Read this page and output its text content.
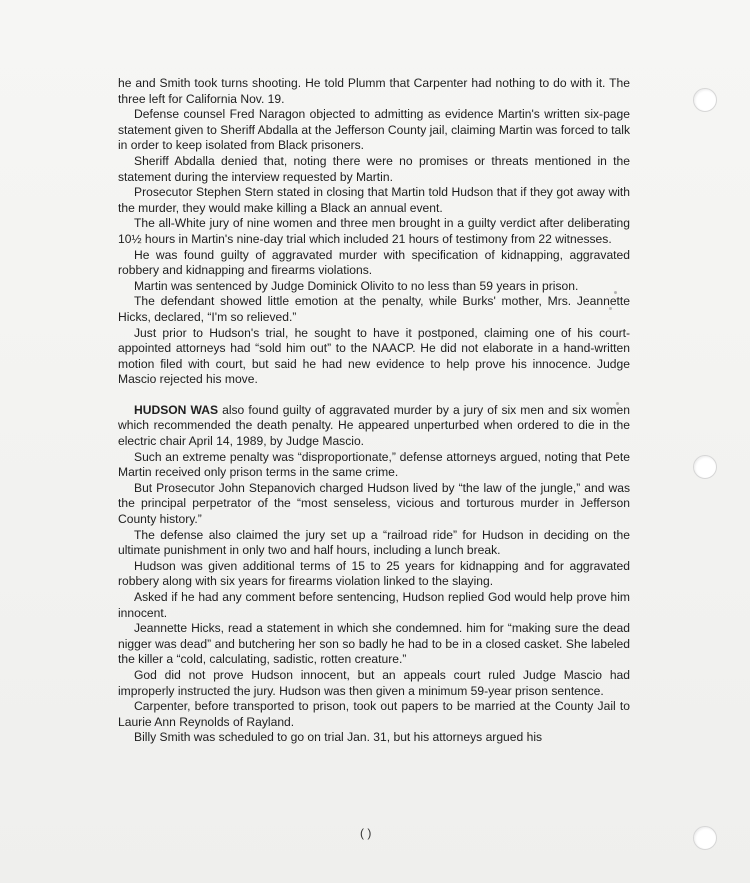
he and Smith took turns shooting. He told Plumm that Carpenter had nothing to do with it. The three left for California Nov. 19.

Defense counsel Fred Naragon objected to admitting as evidence Martin's written six-page statement given to Sheriff Abdalla at the Jefferson County jail, claiming Martin was forced to talk in order to keep isolated from Black prisoners.

Sheriff Abdalla denied that, noting there were no promises or threats mentioned in the statement during the interview requested by Martin.

Prosecutor Stephen Stern stated in closing that Martin told Hudson that if they got away with the murder, they would make killing a Black an annual event.

The all-White jury of nine women and three men brought in a guilty verdict after deliberating 10½ hours in Martin's nine-day trial which included 21 hours of testimony from 22 witnesses.

He was found guilty of aggravated murder with specification of kidnapping, aggravated robbery and kidnapping and firearms violations.

Martin was sentenced by Judge Dominick Olivito to no less than 59 years in prison.

The defendant showed little emotion at the penalty, while Burks' mother, Mrs. Jeannette Hicks, declared, “I'm so relieved.”

Just prior to Hudson's trial, he sought to have it postponed, claiming one of his court-appointed attorneys had “sold him out” to the NAACP. He did not elaborate in a hand-written motion filed with court, but said he had new evidence to help prove his innocence. Judge Mascio rejected his move.

HUDSON WAS also found guilty of aggravated murder by a jury of six men and six women which recommended the death penalty. He appeared unperturbed when ordered to die in the electric chair April 14, 1989, by Judge Mascio.

Such an extreme penalty was “disproportionate,” defense attorneys argued, noting that Pete Martin received only prison terms in the same crime.

But Prosecutor John Stepanovich charged Hudson lived by “the law of the jungle,” and was the principal perpetrator of the “most senseless, vicious and torturous murder in Jefferson County history.”

The defense also claimed the jury set up a “railroad ride” for Hudson in deciding on the ultimate punishment in only two and half hours, including a lunch break.

Hudson was given additional terms of 15 to 25 years for kidnapping and for aggravated robbery along with six years for firearms violation linked to the slaying.

Asked if he had any comment before sentencing, Hudson replied God would help prove him innocent.

Jeannette Hicks, read a statement in which she condemned. him for “making sure the dead nigger was dead” and butchering her son so badly he had to be in a closed casket. She labeled the killer a “cold, calculating, sadistic, rotten creature.”

God did not prove Hudson innocent, but an appeals court ruled Judge Mascio had improperly instructed the jury. Hudson was then given a minimum 59-year prison sentence.

Carpenter, before transported to prison, took out papers to be married at the County Jail to Laurie Ann Reynolds of Rayland.

Billy Smith was scheduled to go on trial Jan. 31, but his attorneys argued his

( )
